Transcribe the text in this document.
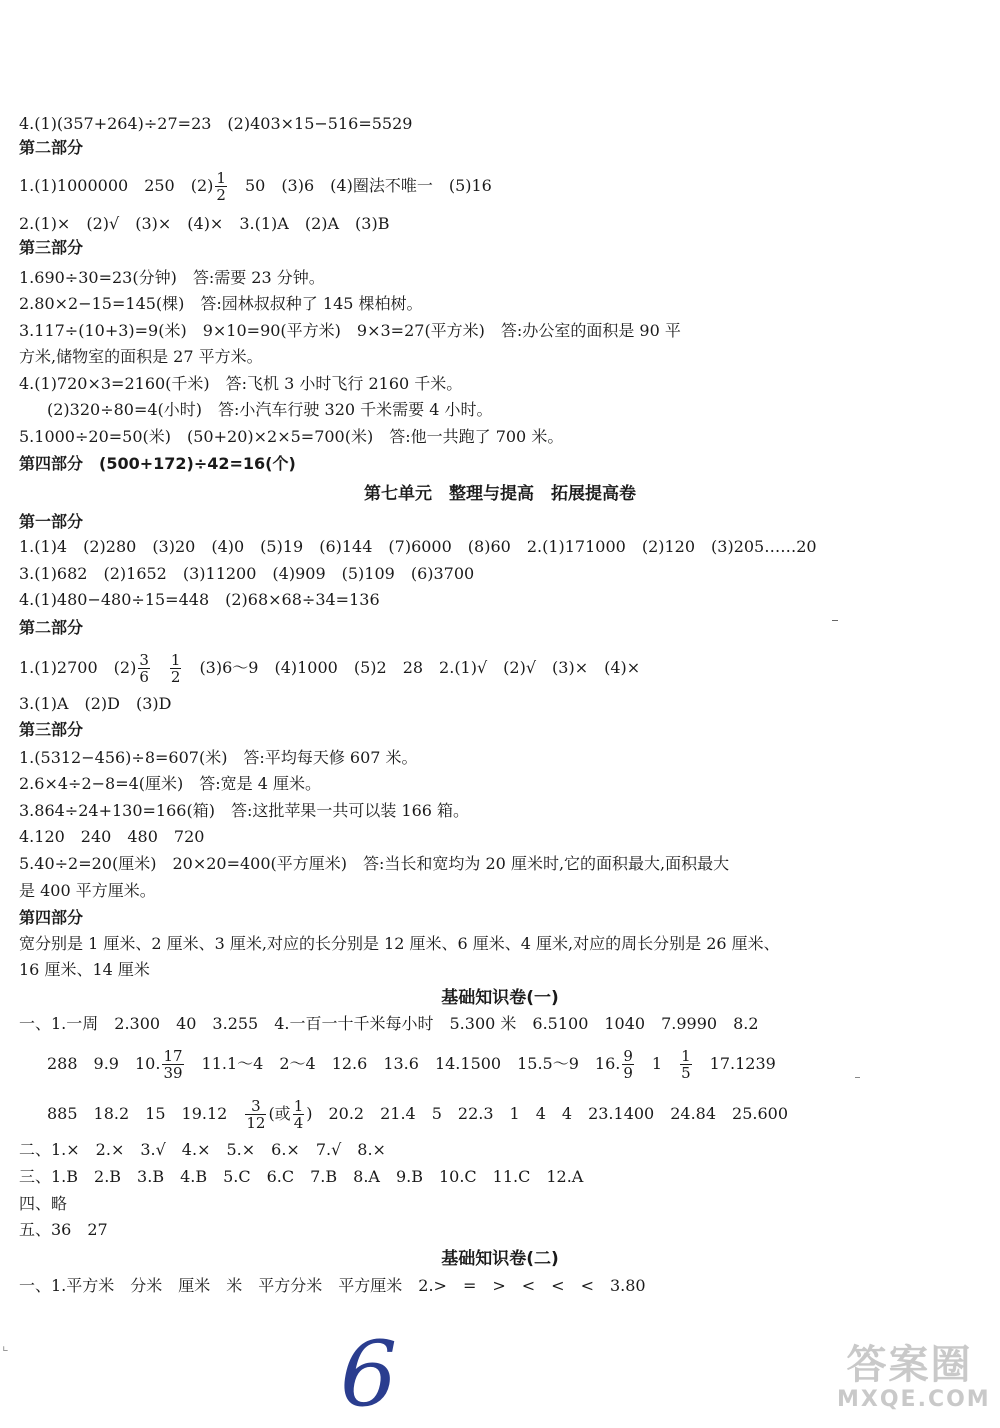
4.(1)(357+264)÷27=23　(2)403×15−516=5529
第二部分
1.(1)1000000　250　$(2) \frac{1}{2}$ 　50　(3)6　(4)圈法不唯一　(5)16
2.(1)×　(2)√　(3)×　(4)×　3.(1)A　(2)A　(3)B
第三部分
1.690÷30=23(分钟)　答:需要 23 分钟。
2.80×2−15=145(棵)　答:园林叔叔种了 145 棵柏树。
3.117÷(10+3)=9(米)　9×10=90(平方米)　9×3=27(平方米)　答:办公室的面积是 90 平
方米,储物室的面积是 27 平方米。
4.(1)720×3=2160(千米)　答:飞机 3 小时飞行 2160 千米。
(2)320÷80=4(小时)　答:小汽车行驶 320 千米需要 4 小时。
5.1000÷20=50(米)　(50+20)×2×5=700(米)　答:他一共跑了 700 米。
第四部分　(500+172)÷42=16(个)
第七单元　整理与提高　拓展提高卷
第一部分
1.(1)4　(2)280　(3)20　(4)0　(5)19　(6)144　(7)6000　(8)60　2.(1)171000　(2)120　(3)205……20
3.(1)682　(2)1652　(3)11200　(4)909　(5)109　(6)3700
4.(1)480−480÷15=448　(2)68×68÷34=136
第二部分
1.(1)2700　$(2) \frac{3}{6}$
　 $\frac{1}{2}$ 　(3)6～9　(4)1000　(5)2　28　2.(1)√　(2)√　(3)×　(4)×
3.(1)A　(2)D　(3)D
第三部分
1.(5312−456)÷8=607(米)　答:平均每天修 607 米。
2.6×4÷2−8=4(厘米)　答:宽是 4 厘米。
3.864÷24+130=166(箱)　答:这批苹果一共可以装 166 箱。
4.120　240　480　720
5.40÷2=20(厘米)　20×20=400(平方厘米)　答:当长和宽均为 20 厘米时,它的面积最大,面积最大
是 400 平方厘米。
第四部分
宽分别是 1 厘米、2 厘米、3 厘米,对应的长分别是 12 厘米、6 厘米、4 厘米,对应的周长分别是 26 厘米、
16 厘米、14 厘米
基础知识卷(一)
一、1.一周　2.300　40　3.255　4.一百一十千米每小时　5.300 米　6.5100　1040　7.9990　8.2
288　9.9　10. $\frac{17}{39}$ 　11.1～4　2～4　12.6　13.6　14.1500　15.5～9　16. $\frac{9}{9}$ 　1　 $\frac{1}{5}$ 　17.1239
885　18.2　15　19.12　 $\frac{3}{12}$ (或 $\frac{1}{4}$ )　20.2　21.4　5　22.3　1　4　4　23.1400　24.84　25.600
二、1.×　2.×　3.√　4.×　5.×　6.×　7.√　8.×
三、1.B　2.B　3.B　4.B　5.C　6.C　7.B　8.A　9.B　10.C　11.C　12.A
四、略
五、36　27
基础知识卷(二)
一、1.平方米　分米　厘米　米　平方分米　平方厘米　2.>　=　>　<　<　<　3.80
⌞	6	答案圈
MXQE.COM
